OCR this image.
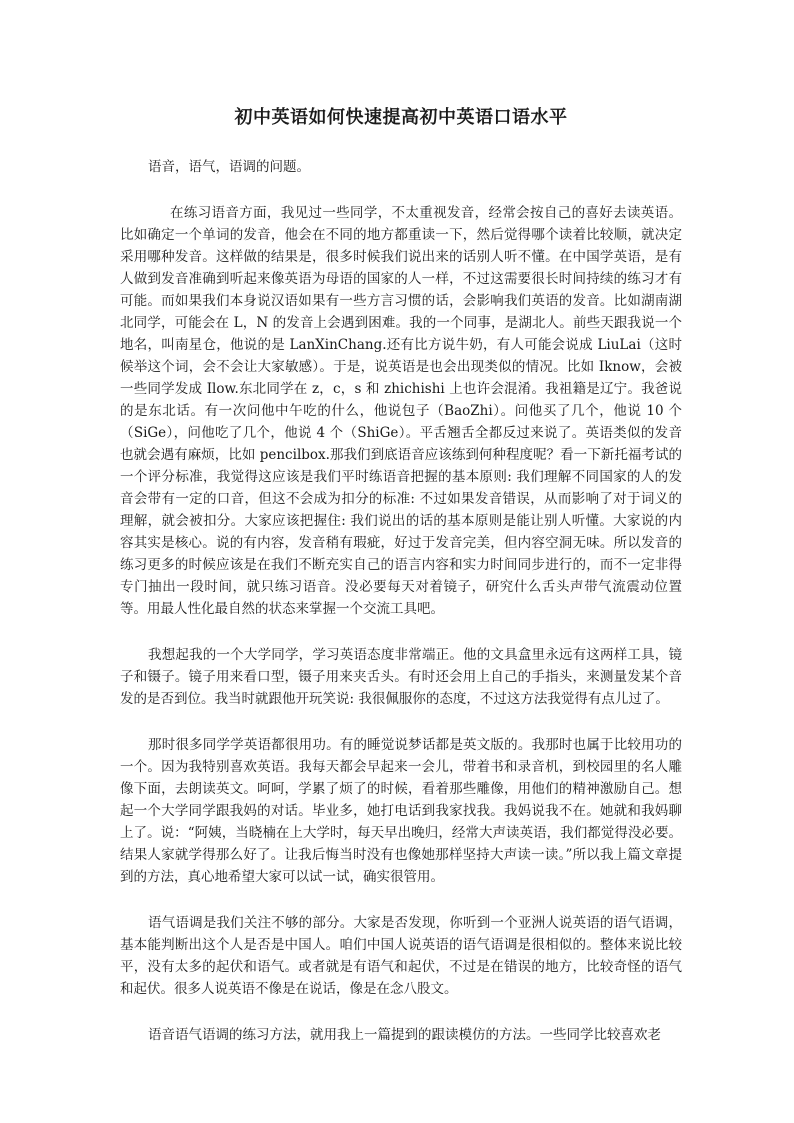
初中英语如何快速提高初中英语口语水平

语音，语气，语调的问题。

在练习语音方面，我见过一些同学，不太重视发音，经常会按自己的喜好去读英语。比如确定一个单词的发音，他会在不同的地方都重读一下，然后觉得哪个读着比较顺，就决定采用哪种发音。这样做的结果是，很多时候我们说出来的话别人听不懂。在中国学英语，是有人做到发音准确到听起来像英语为母语的国家的人一样，不过这需要很长时间持续的练习才有可能。而如果我们本身说汉语如果有一些方言习惯的话，会影响我们英语的发音。比如湖南湖北同学，可能会在 L，N 的发音上会遇到困难。我的一个同事，是湖北人。前些天跟我说一个地名，叫南星仓，他说的是 LanXinChang.还有比方说牛奶，有人可能会说成 LiuLai（这时候举这个词，会不会让大家敏感）。于是，说英语是也会出现类似的情况。比如 Iknow，会被一些同学发成 Ilow.东北同学在 z，c，s 和 zhichishi 上也许会混淆。我祖籍是辽宁。我爸说的是东北话。有一次问他中午吃的什么，他说包子（BaoZhi）。问他买了几个，他说 10 个（SiGe），问他吃了几个，他说 4 个（ShiGe）。平舌翘舌全都反过来说了。英语类似的发音也就会遇有麻烦，比如 pencilbox.那我们到底语音应该练到何种程度呢？看一下新托福考试的一个评分标准，我觉得这应该是我们平时练语音把握的基本原则: 我们理解不同国家的人的发音会带有一定的口音，但这不会成为扣分的标准: 不过如果发音错误，从而影响了对于词义的理解，就会被扣分。大家应该把握住: 我们说出的话的基本原则是能让别人听懂。大家说的内容其实是核心。说的有内容，发音稍有瑕疵，好过于发音完美，但内容空洞无味。所以发音的练习更多的时候应该是在我们不断充实自己的语言内容和实力时间同步进行的，而不一定非得专门抽出一段时间，就只练习语音。没必要每天对着镜子，研究什么舌头声带气流震动位置等。用最人性化最自然的状态来掌握一个交流工具吧。

我想起我的一个大学同学，学习英语态度非常端正。他的文具盒里永远有这两样工具，镜子和镊子。镜子用来看口型，镊子用来夹舌头。有时还会用上自己的手指头，来测量发某个音发的是否到位。我当时就跟他开玩笑说: 我很佩服你的态度，不过这方法我觉得有点儿过了。

那时很多同学学英语都很用功。有的睡觉说梦话都是英文版的。我那时也属于比较用功的一个。因为我特别喜欢英语。我每天都会早起来一会儿，带着书和录音机，到校园里的名人雕像下面，去朗读英文。呵呵，学累了烦了的时候，看着那些雕像，用他们的精神激励自己。想起一个大学同学跟我妈的对话。毕业多，她打电话到我家找我。我妈说我不在。她就和我妈聊上了。说：“阿姨，当晓楠在上大学时，每天早出晚归，经常大声读英语，我们都觉得没必要。结果人家就学得那么好了。让我后悔当时没有也像她那样坚持大声读一读。”所以我上篇文章提到的方法，真心地希望大家可以试一试，确实很管用。

语气语调是我们关注不够的部分。大家是否发现，你听到一个亚洲人说英语的语气语调，基本能判断出这个人是否是中国人。咱们中国人说英语的语气语调是很相似的。整体来说比较平，没有太多的起伏和语气。或者就是有语气和起伏，不过是在错误的地方，比较奇怪的语气和起伏。很多人说英语不像是在说话，像是在念八股文。

语音语气语调的练习方法，就用我上一篇提到的跟读模仿的方法。一些同学比较喜欢老
